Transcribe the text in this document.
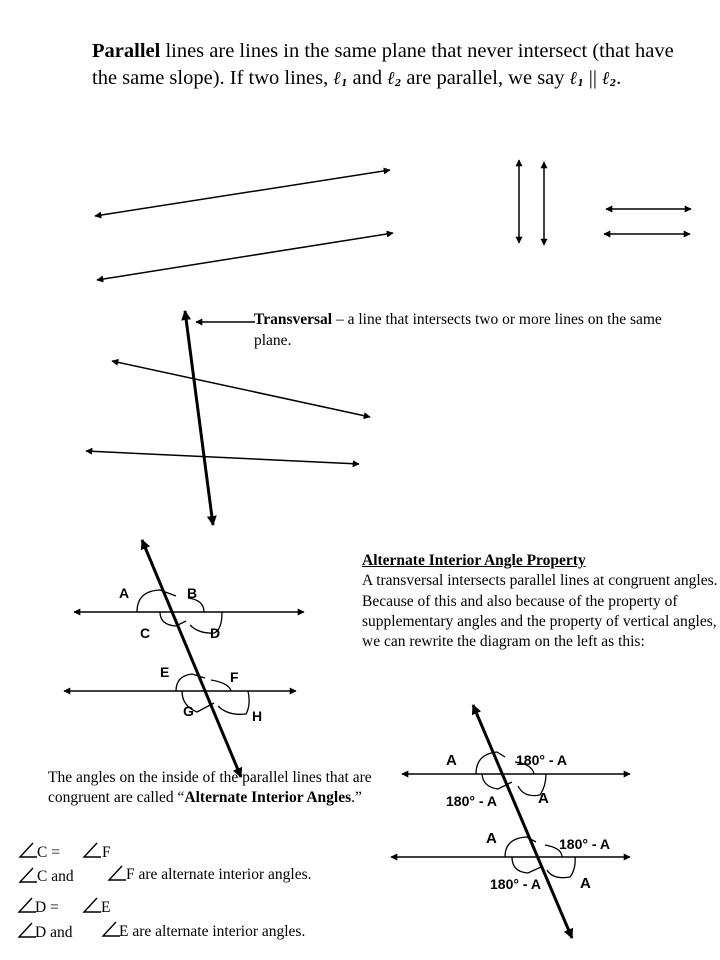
Parallel lines are lines in the same plane that never intersect (that have the same slope). If two lines, ℓ$_1$ and ℓ$_2$ are parallel, we say ℓ$_1$ || ℓ$_2$.
A	B
C	D
E	F
G	H
A	180° - A
180° - A	A
A	180° - A
180° - A	A
Transversal – a line that intersects two or more lines on the same plane.
Alternate Interior Angle Property
A transversal intersects parallel lines at congruent angles.
Because of this and also because of the property of supplementary angles and the property of vertical angles, we can rewrite the diagram on the left as this:
The angles on the inside of the parallel lines that are congruent are called “Alternate Interior Angles.”
C =	F
C and	F are alternate interior angles.
D =	E
D and	E are alternate interior angles.
